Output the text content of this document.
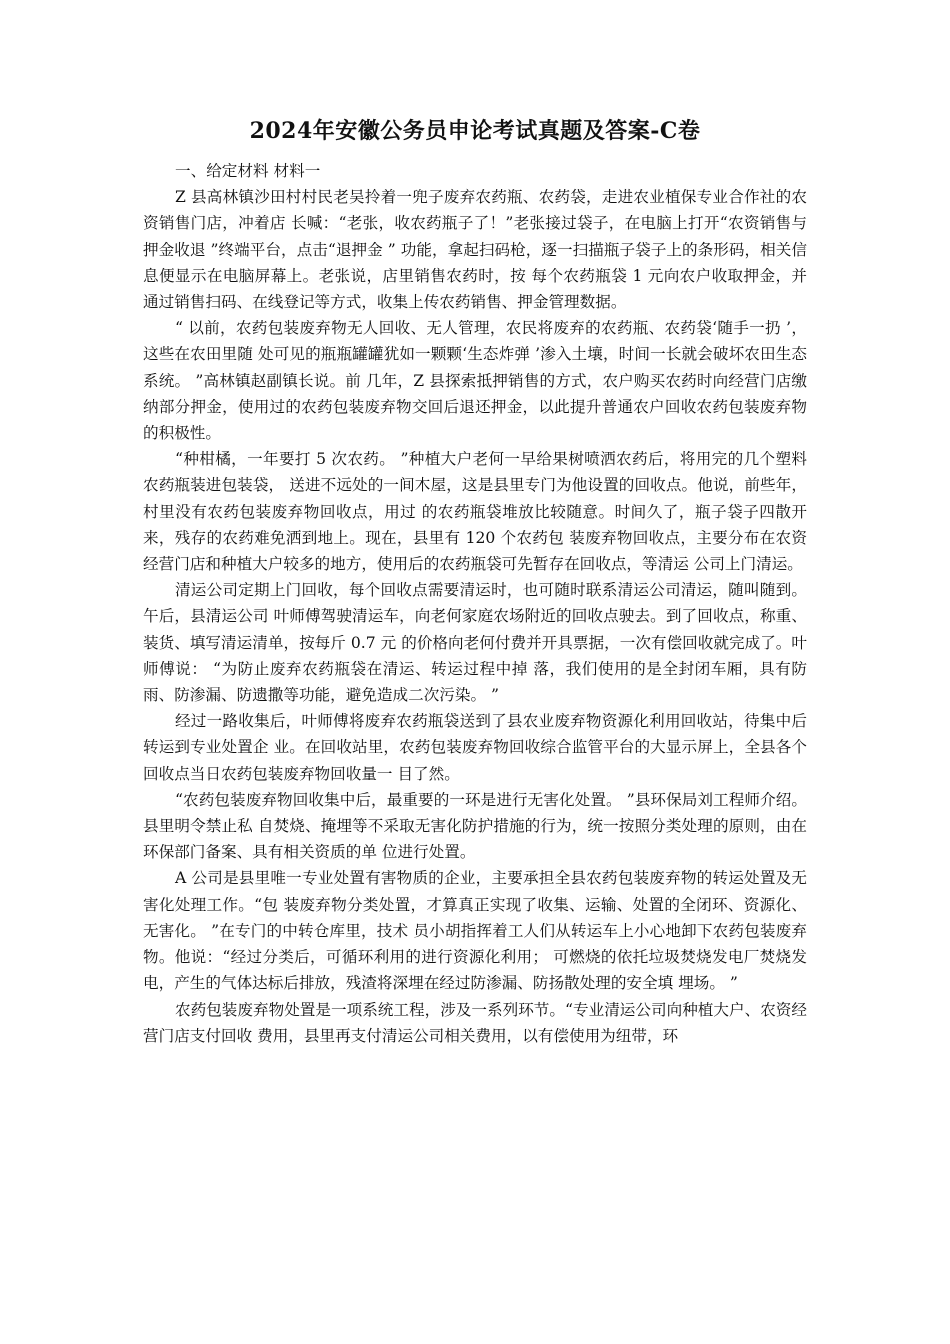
2024年安徽公务员申论考试真题及答案-C卷

一、给定材料 材料一

Z 县高林镇沙田村村民老吴拎着一兜子废弃农药瓶、农药袋，走进农业植保专业合作社的农资销售门店，冲着店 长喊：“老张，收农药瓶子了！”老张接过袋子，在电脑上打开“农资销售与押金收退 ”终端平台，点击“退押金 ” 功能，拿起扫码枪，逐一扫描瓶子袋子上的条形码，相关信息便显示在电脑屏幕上。老张说，店里销售农药时，按 每个农药瓶袋 1 元向农户收取押金，并通过销售扫码、在线登记等方式，收集上传农药销售、押金管理数据。

“ 以前，农药包装废弃物无人回收、无人管理，农民将废弃的农药瓶、农药袋‘随手一扔 ’，这些在农田里随 处可见的瓶瓶罐罐犹如一颗颗‘生态炸弹 ’渗入土壤，时间一长就会破坏农田生态系统。 ”高林镇赵副镇长说。前 几年，Z 县探索抵押销售的方式，农户购买农药时向经营门店缴纳部分押金，使用过的农药包装废弃物交回后退还押金，以此提升普通农户回收农药包装废弃物的积极性。

“种柑橘，一年要打 5 次农药。 ”种植大户老何一早给果树喷洒农药后，将用完的几个塑料农药瓶装进包装袋， 送进不远处的一间木屋，这是县里专门为他设置的回收点。他说，前些年，村里没有农药包装废弃物回收点，用过 的农药瓶袋堆放比较随意。时间久了，瓶子袋子四散开来，残存的农药难免洒到地上。现在，县里有 120 个农药包 装废弃物回收点，主要分布在农资经营门店和种植大户较多的地方，使用后的农药瓶袋可先暂存在回收点，等清运 公司上门清运。

清运公司定期上门回收，每个回收点需要清运时，也可随时联系清运公司清运，随叫随到。午后，县清运公司 叶师傅驾驶清运车，向老何家庭农场附近的回收点驶去。到了回收点，称重、装货、填写清运清单，按每斤 0.7 元 的价格向老何付费并开具票据，一次有偿回收就完成了。叶师傅说： “为防止废弃农药瓶袋在清运、转运过程中掉 落，我们使用的是全封闭车厢，具有防雨、防渗漏、防遗撒等功能，避免造成二次污染。 ”

经过一路收集后，叶师傅将废弃农药瓶袋送到了县农业废弃物资源化利用回收站，待集中后转运到专业处置企 业。在回收站里，农药包装废弃物回收综合监管平台的大显示屏上，全县各个回收点当日农药包装废弃物回收量一 目了然。

“农药包装废弃物回收集中后，最重要的一环是进行无害化处置。 ”县环保局刘工程师介绍。县里明令禁止私 自焚烧、掩埋等不采取无害化防护措施的行为，统一按照分类处理的原则，由在环保部门备案、具有相关资质的单 位进行处置。

A 公司是县里唯一专业处置有害物质的企业，主要承担全县农药包装废弃物的转运处置及无害化处理工作。“包 装废弃物分类处置，才算真正实现了收集、运输、处置的全闭环、资源化、无害化。 ”在专门的中转仓库里，技术 员小胡指挥着工人们从转运车上小心地卸下农药包装废弃物。他说：“经过分类后，可循环利用的进行资源化利用； 可燃烧的依托垃圾焚烧发电厂焚烧发电，产生的气体达标后排放，残渣将深埋在经过防渗漏、防扬散处理的安全填 埋场。 ”

农药包装废弃物处置是一项系统工程，涉及一系列环节。“专业清运公司向种植大户、农资经营门店支付回收 费用，县里再支付清运公司相关费用，以有偿使用为纽带，环
